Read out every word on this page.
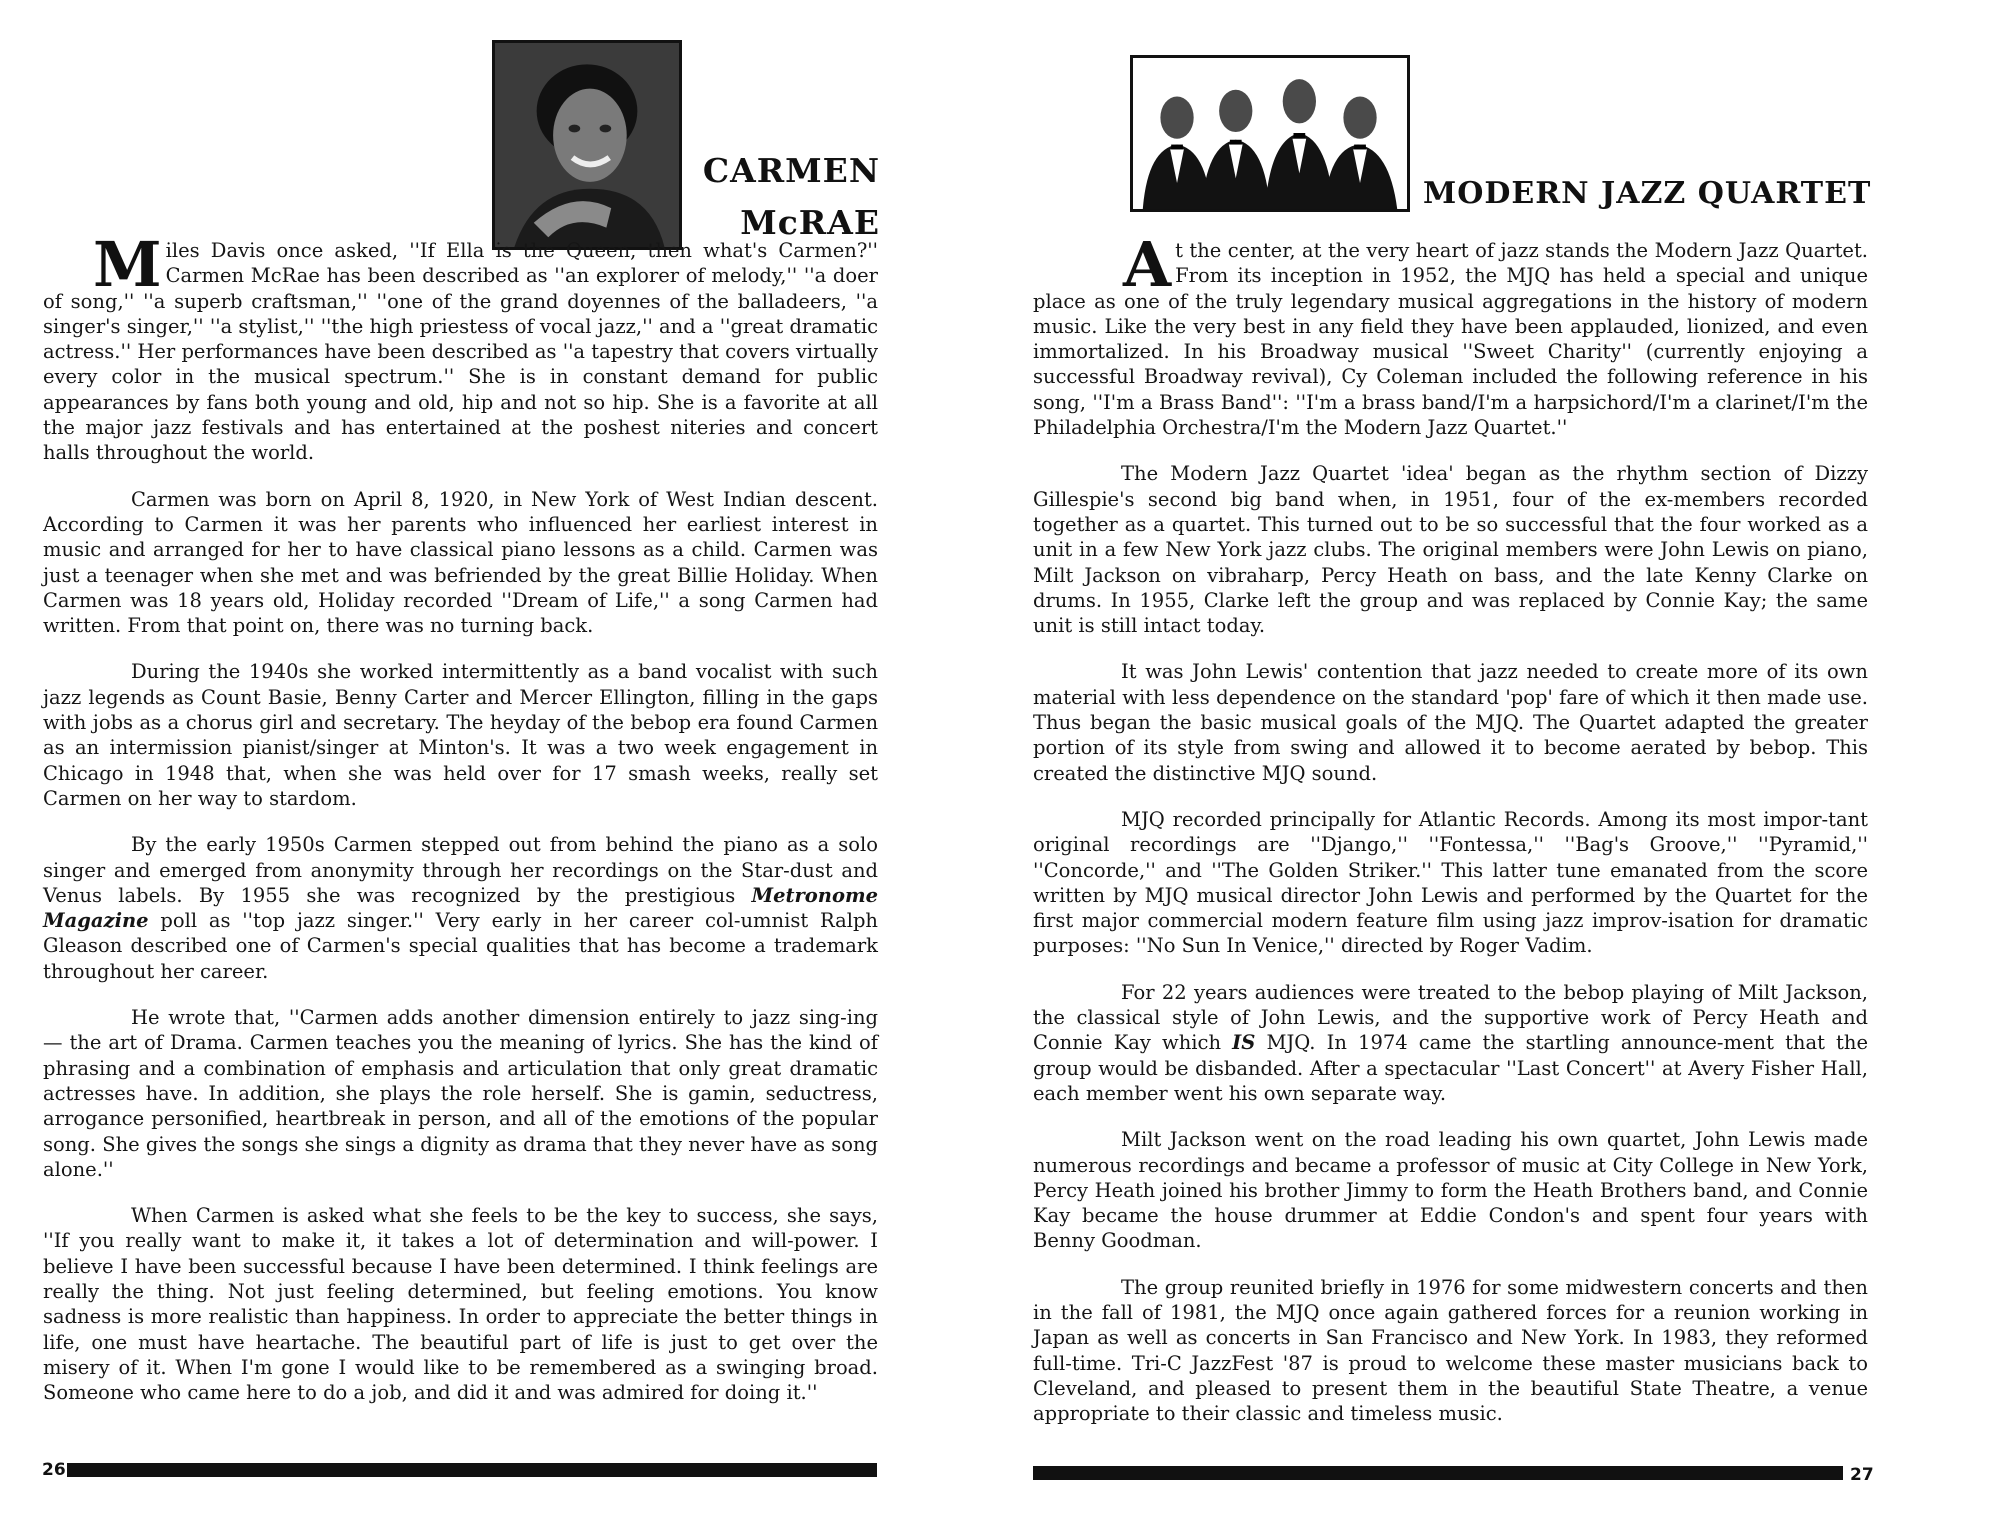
CARMEN
McRAE

Miles Davis once asked, ''If Ella is the Queen, then what's Carmen?'' Carmen McRae has been described as ''an explorer of melody,'' ''a doer of song,'' ''a superb craftsman,'' ''one of the grand doyennes of the balladeers, ''a singer's singer,'' ''a stylist,'' ''the high priestess of vocal jazz,'' and a ''great dramatic actress.'' Her performances have been described as ''a tapestry that covers virtually every color in the musical spectrum.'' She is in constant demand for public appearances by fans both young and old, hip and not so hip. She is a favorite at all the major jazz festivals and has entertained at the poshest niteries and concert halls throughout the world.

Carmen was born on April 8, 1920, in New York of West Indian descent. According to Carmen it was her parents who influenced her earliest interest in music and arranged for her to have classical piano lessons as a child. Carmen was just a teenager when she met and was befriended by the great Billie Holiday. When Carmen was 18 years old, Holiday recorded ''Dream of Life,'' a song Carmen had written. From that point on, there was no turning back.

During the 1940s she worked intermittently as a band vocalist with such jazz legends as Count Basie, Benny Carter and Mercer Ellington, filling in the gaps with jobs as a chorus girl and secretary. The heyday of the bebop era found Carmen as an intermission pianist/singer at Minton's. It was a two week engagement in Chicago in 1948 that, when she was held over for 17 smash weeks, really set Carmen on her way to stardom.

By the early 1950s Carmen stepped out from behind the piano as a solo singer and emerged from anonymity through her recordings on the Star-dust and Venus labels. By 1955 she was recognized by the prestigious Metronome Magazine poll as ''top jazz singer.'' Very early in her career col-umnist Ralph Gleason described one of Carmen's special qualities that has become a trademark throughout her career.

He wrote that, ''Carmen adds another dimension entirely to jazz sing-ing — the art of Drama. Carmen teaches you the meaning of lyrics. She has the kind of phrasing and a combination of emphasis and articulation that only great dramatic actresses have. In addition, she plays the role herself. She is gamin, seductress, arrogance personified, heartbreak in person, and all of the emotions of the popular song. She gives the songs she sings a dignity as drama that they never have as song alone.''

When Carmen is asked what she feels to be the key to success, she says, ''If you really want to make it, it takes a lot of determination and will-power. I believe I have been successful because I have been determined. I think feelings are really the thing. Not just feeling determined, but feeling emotions. You know sadness is more realistic than happiness. In order to appreciate the better things in life, one must have heartache. The beautiful part of life is just to get over the misery of it. When I'm gone I would like to be remembered as a swinging broad. Someone who came here to do a job, and did it and was admired for doing it.''

26
MODERN JAZZ QUARTET

At the center, at the very heart of jazz stands the Modern Jazz Quartet. From its inception in 1952, the MJQ has held a special and unique place as one of the truly legendary musical aggregations in the history of modern music. Like the very best in any field they have been applauded, lionized, and even immortalized. In his Broadway musical ''Sweet Charity'' (currently enjoying a successful Broadway revival), Cy Coleman included the following reference in his song, ''I'm a Brass Band'': ''I'm a brass band/I'm a harpsichord/I'm a clarinet/I'm the Philadelphia Orchestra/I'm the Modern Jazz Quartet.''

The Modern Jazz Quartet 'idea' began as the rhythm section of Dizzy Gillespie's second big band when, in 1951, four of the ex-members recorded together as a quartet. This turned out to be so successful that the four worked as a unit in a few New York jazz clubs. The original members were John Lewis on piano, Milt Jackson on vibraharp, Percy Heath on bass, and the late Kenny Clarke on drums. In 1955, Clarke left the group and was replaced by Connie Kay; the same unit is still intact today.

It was John Lewis' contention that jazz needed to create more of its own material with less dependence on the standard 'pop' fare of which it then made use. Thus began the basic musical goals of the MJQ. The Quartet adapted the greater portion of its style from swing and allowed it to become aerated by bebop. This created the distinctive MJQ sound.

MJQ recorded principally for Atlantic Records. Among its most impor-tant original recordings are ''Django,'' ''Fontessa,'' ''Bag's Groove,'' ''Pyramid,'' ''Concorde,'' and ''The Golden Striker.'' This latter tune emanated from the score written by MJQ musical director John Lewis and performed by the Quartet for the first major commercial modern feature film using jazz improv-isation for dramatic purposes: ''No Sun In Venice,'' directed by Roger Vadim.

For 22 years audiences were treated to the bebop playing of Milt Jackson, the classical style of John Lewis, and the supportive work of Percy Heath and Connie Kay which IS MJQ. In 1974 came the startling announce-ment that the group would be disbanded. After a spectacular ''Last Concert'' at Avery Fisher Hall, each member went his own separate way.

Milt Jackson went on the road leading his own quartet, John Lewis made numerous recordings and became a professor of music at City College in New York, Percy Heath joined his brother Jimmy to form the Heath Brothers band, and Connie Kay became the house drummer at Eddie Condon's and spent four years with Benny Goodman.

The group reunited briefly in 1976 for some midwestern concerts and then in the fall of 1981, the MJQ once again gathered forces for a reunion working in Japan as well as concerts in San Francisco and New York. In 1983, they reformed full-time. Tri-C JazzFest '87 is proud to welcome these master musicians back to Cleveland, and pleased to present them in the beautiful State Theatre, a venue appropriate to their classic and timeless music.

27
